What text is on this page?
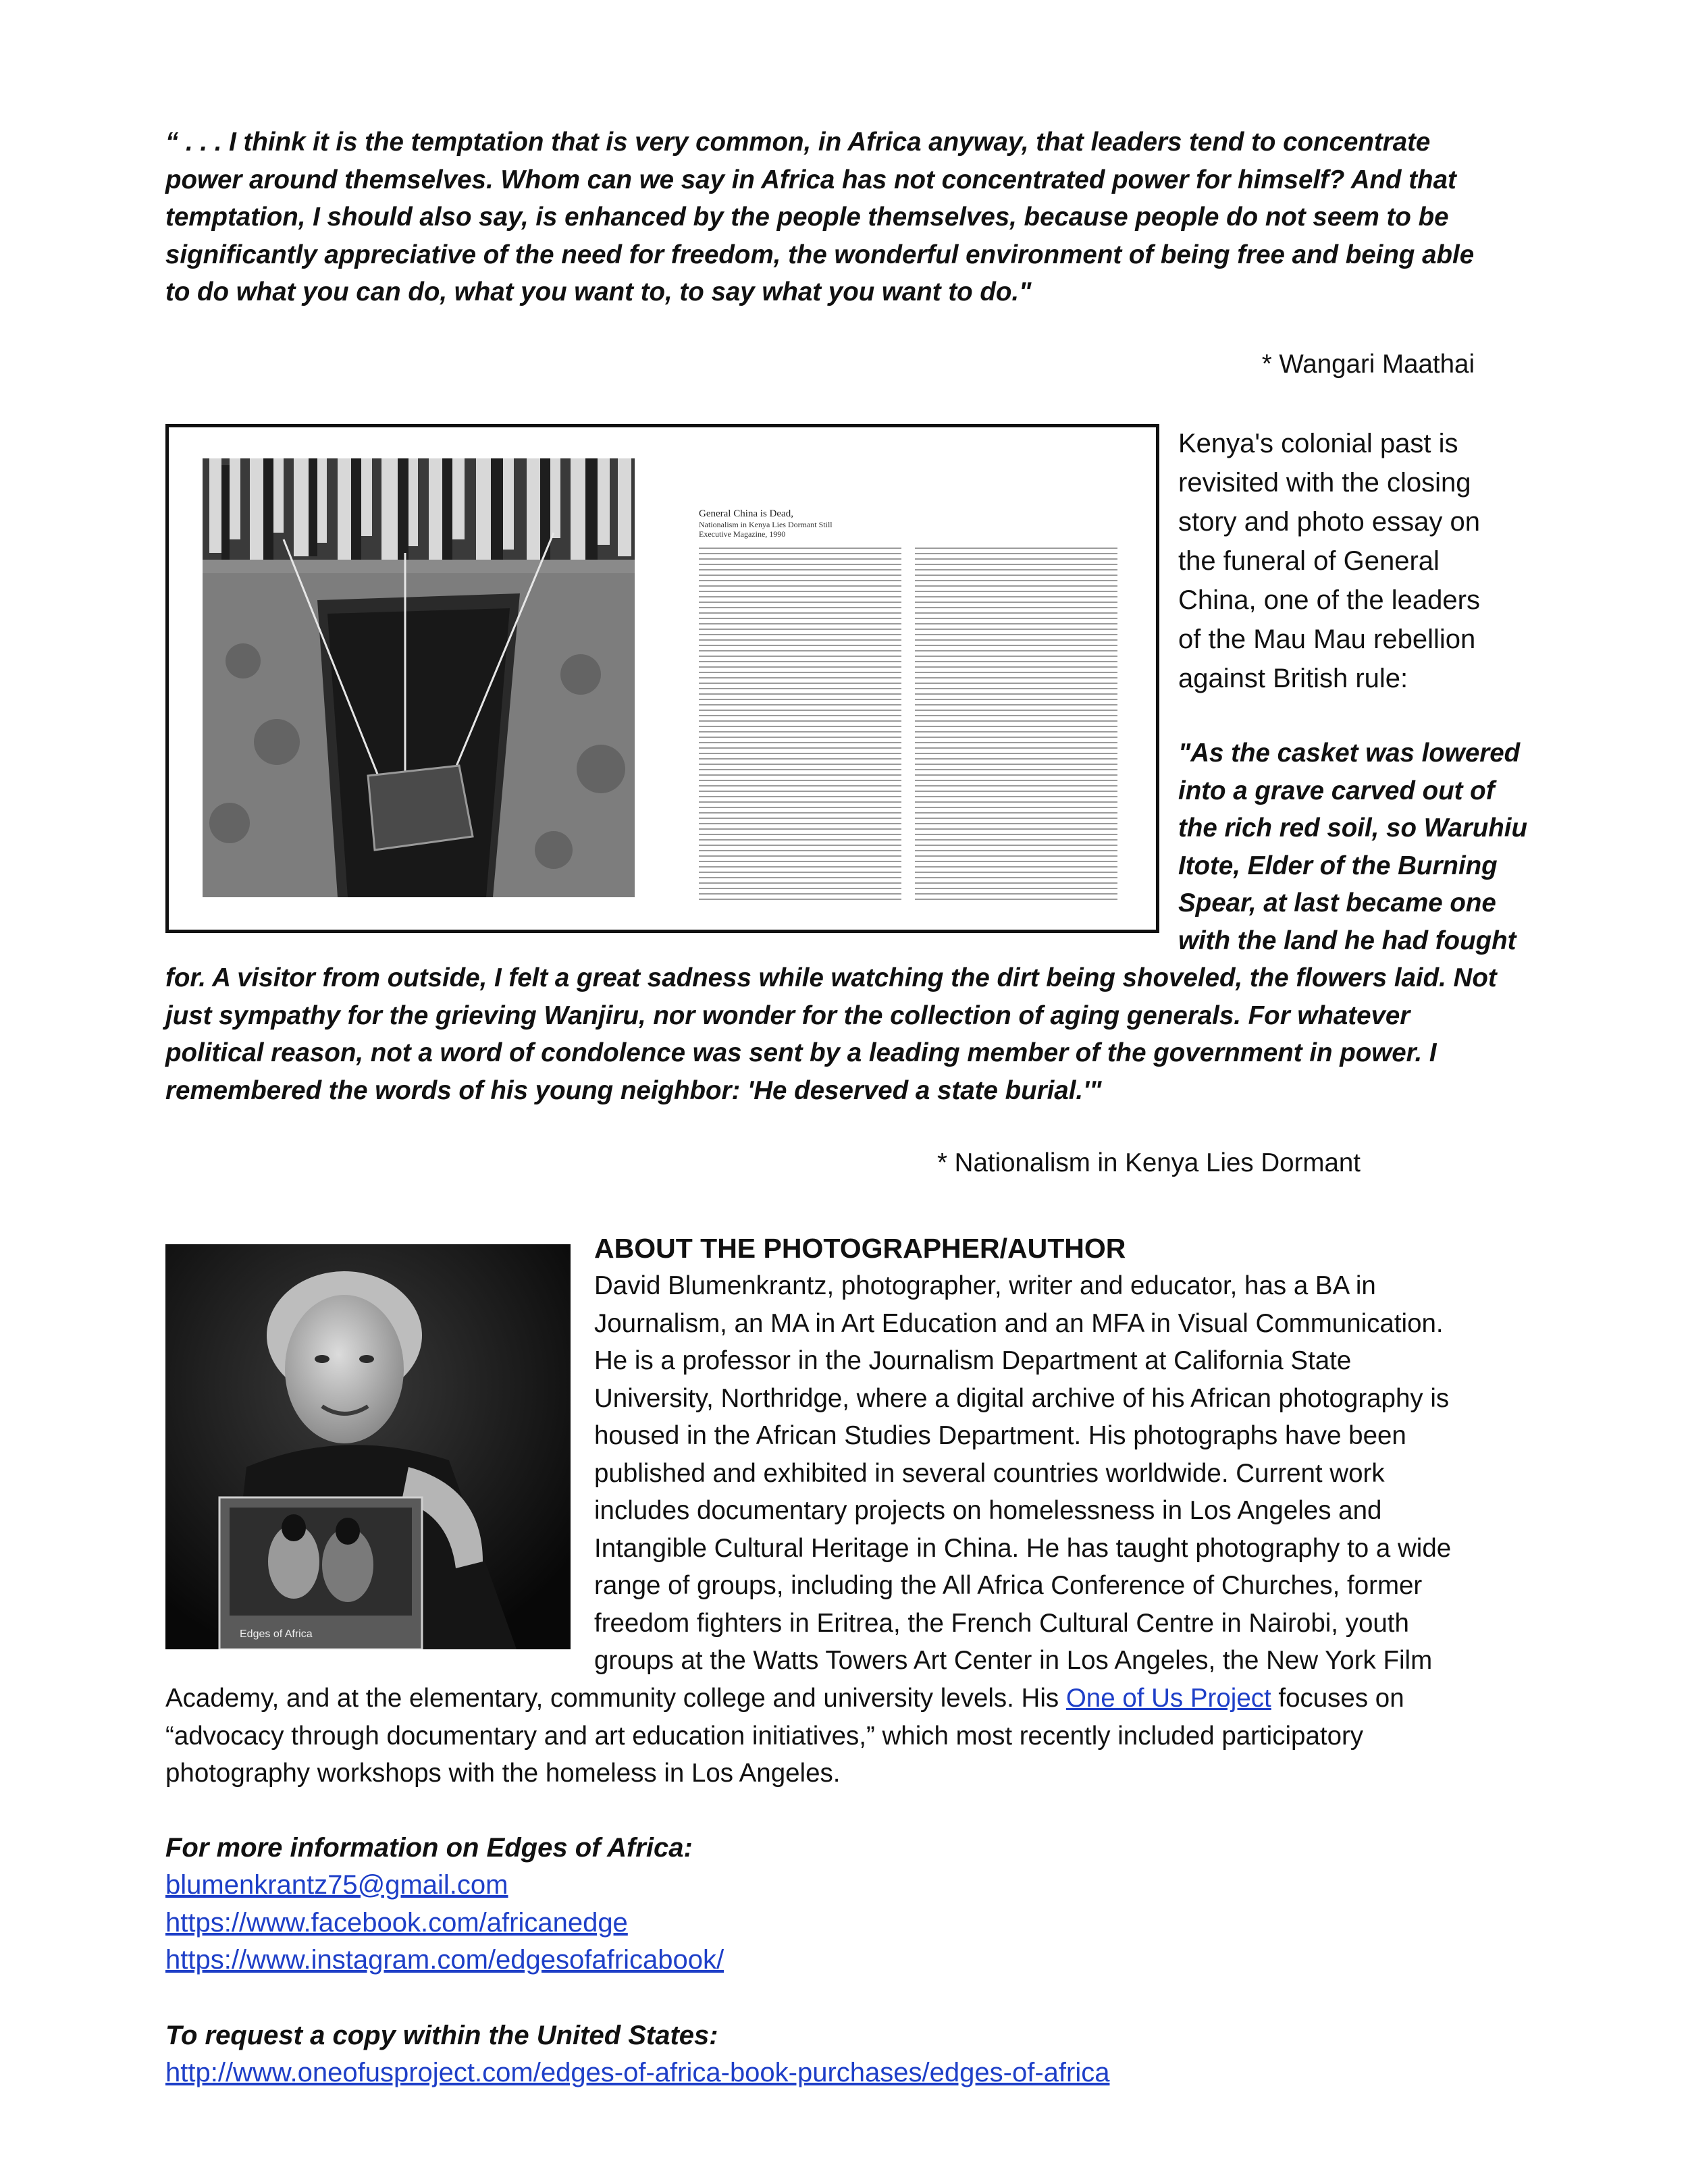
“ . . . I think it is the temptation that is very common, in Africa anyway, that leaders tend to concentrate
power around themselves. Whom can we say in Africa has not concentrated power for himself? And that
temptation, I should also say, is enhanced by the people themselves, because people do not seem to be
significantly appreciative of the need for freedom, the wonderful environment of being free and being able
to do what you can do, what you want to, to say what you want to do."
* Wangari Maathai
General China is Dead,
Nationalism in Kenya Lies Dormant Still
Executive Magazine, 1990
Kenya's colonial past is
revisited with the closing
story and photo essay on
the funeral of General
China, one of the leaders
of the Mau Mau rebellion
against British rule:
"As the casket was lowered
into a grave carved out of
the rich red soil, so Waruhiu
Itote, Elder of the Burning
Spear, at last became one
with the land he had fought
for. A visitor from outside, I felt a great sadness while watching the dirt being shoveled, the flowers laid. Not
just sympathy for the grieving Wanjiru, nor wonder for the collection of aging generals. For whatever
political reason, not a word of condolence was sent by a leading member of the government in power. I
remembered the words of his young neighbor: 'He deserved a state burial.'"
* Nationalism in Kenya Lies Dormant
Edges of Africa
ABOUT THE PHOTOGRAPHER/AUTHOR
David Blumenkrantz, photographer, writer and educator, has a BA in
Journalism, an MA in Art Education and an MFA in Visual Communication.
He is a professor in the Journalism Department at California State
University, Northridge, where a digital archive of his African photography is
housed in the African Studies Department. His photographs have been
published and exhibited in several countries worldwide. Current work
includes documentary projects on homelessness in Los Angeles and
Intangible Cultural Heritage in China. He has taught photography to a wide
range of groups, including the All Africa Conference of Churches, former
freedom fighters in Eritrea, the French Cultural Centre in Nairobi, youth
groups at the Watts Towers Art Center in Los Angeles, the New York Film
Academy, and at the elementary, community college and university levels. His One of Us Project focuses on
“advocacy through documentary and art education initiatives,” which most recently included participatory
photography workshops with the homeless in Los Angeles.
For more information on Edges of Africa:
blumenkrantz75@gmail.com
https://www.facebook.com/africanedge
https://www.instagram.com/edgesofafricabook/
To request a copy within the United States:
http://www.oneofusproject.com/edges-of-africa-book-purchases/edges-of-africa
